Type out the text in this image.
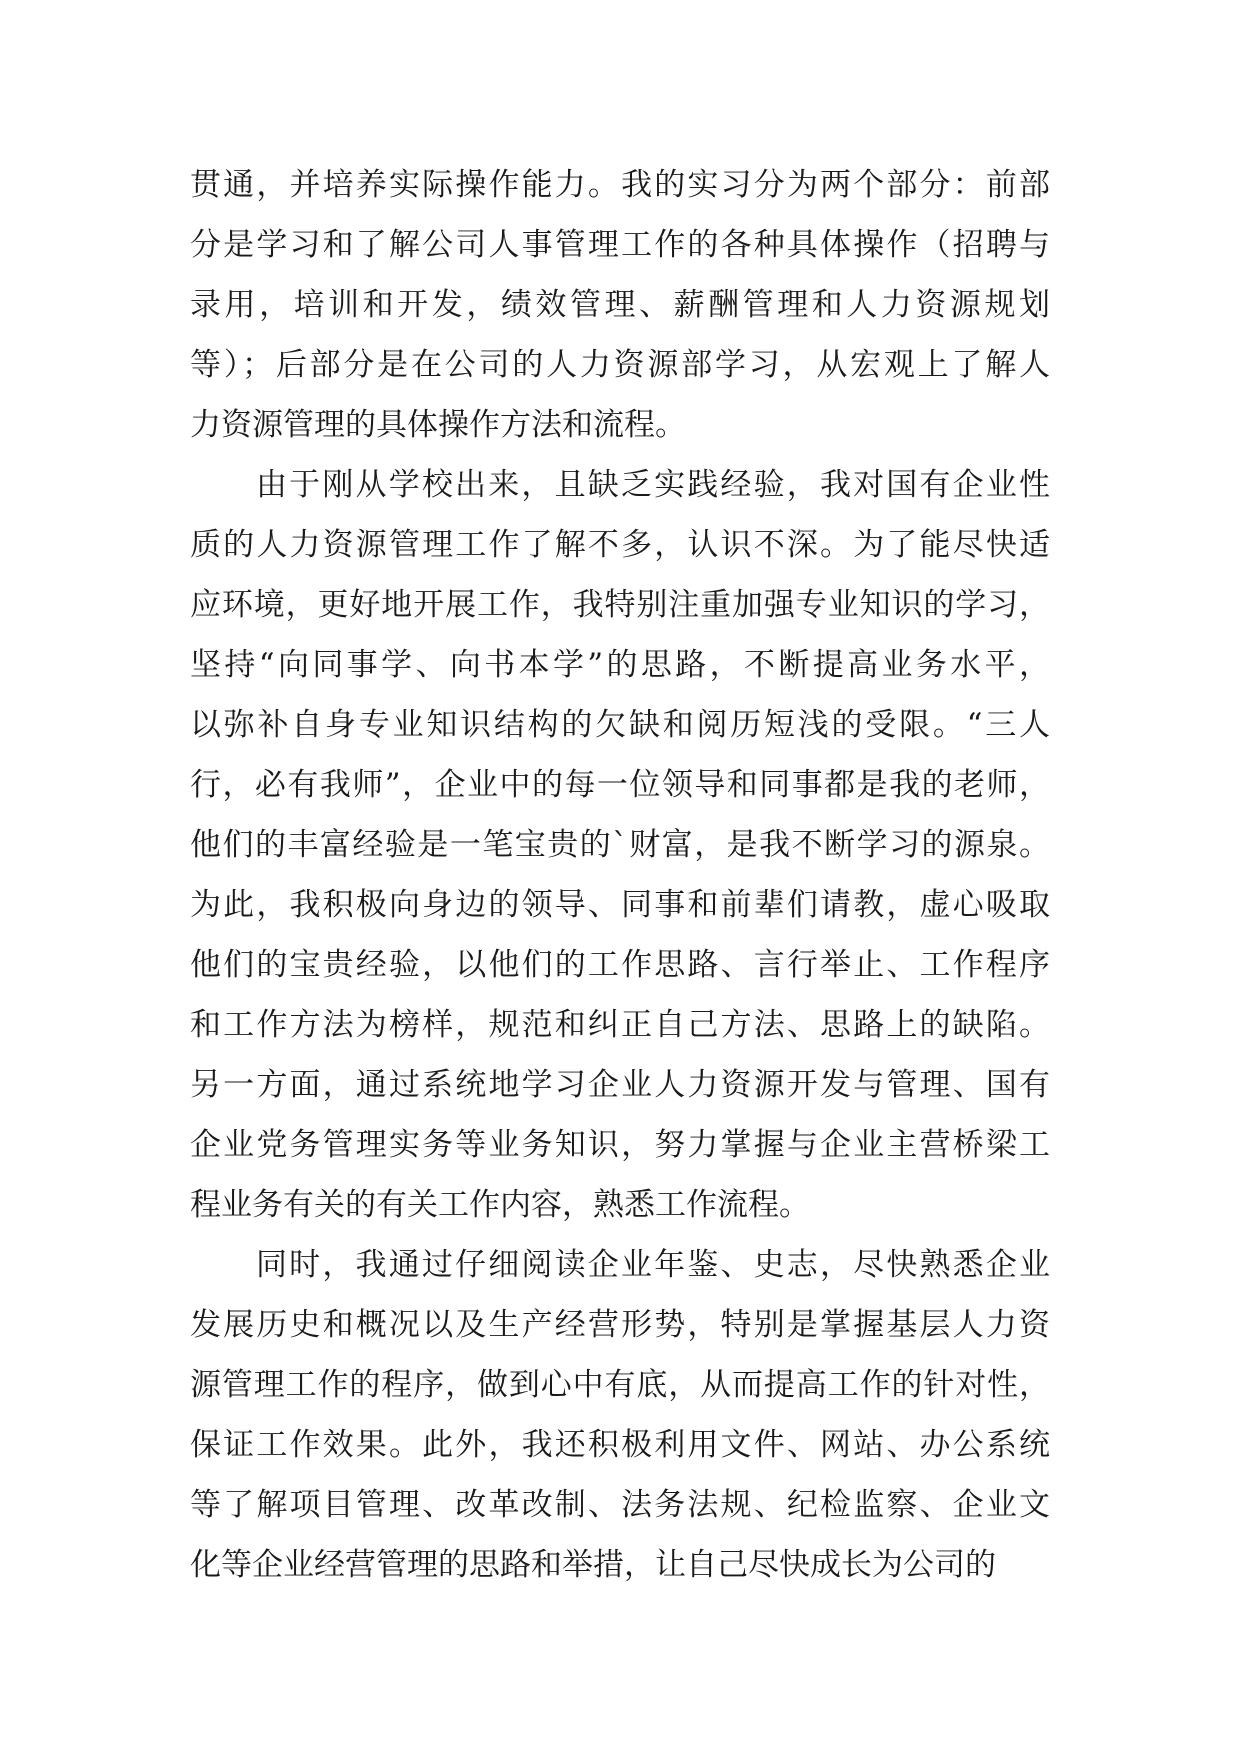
贯通，并培养实际操作能力。我的实习分为两个部分：前部
分是学习和了解公司人事管理工作的各种具体操作（招聘与
录用，培训和开发，绩效管理、薪酬管理和人力资源规划
等）；后部分是在公司的人力资源部学习，从宏观上了解人
力资源管理的具体操作方法和流程。
由于刚从学校出来，且缺乏实践经验，我对国有企业性
质的人力资源管理工作了解不多，认识不深。为了能尽快适
应环境，更好地开展工作，我特别注重加强专业知识的学习，
坚持“向同事学、向书本学”的思路，不断提高业务水平，
以弥补自身专业知识结构的欠缺和阅历短浅的受限。“三人
行，必有我师”，企业中的每一位领导和同事都是我的老师，
他们的丰富经验是一笔宝贵的`财富，是我不断学习的源泉。
为此，我积极向身边的领导、同事和前辈们请教，虚心吸取
他们的宝贵经验，以他们的工作思路、言行举止、工作程序
和工作方法为榜样，规范和纠正自己方法、思路上的缺陷。
另一方面，通过系统地学习企业人力资源开发与管理、国有
企业党务管理实务等业务知识，努力掌握与企业主营桥梁工
程业务有关的有关工作内容，熟悉工作流程。
同时，我通过仔细阅读企业年鉴、史志，尽快熟悉企业
发展历史和概况以及生产经营形势，特别是掌握基层人力资
源管理工作的程序，做到心中有底，从而提高工作的针对性，
保证工作效果。此外，我还积极利用文件、网站、办公系统
等了解项目管理、改革改制、法务法规、纪检监察、企业文
化等企业经营管理的思路和举措，让自己尽快成长为公司的
